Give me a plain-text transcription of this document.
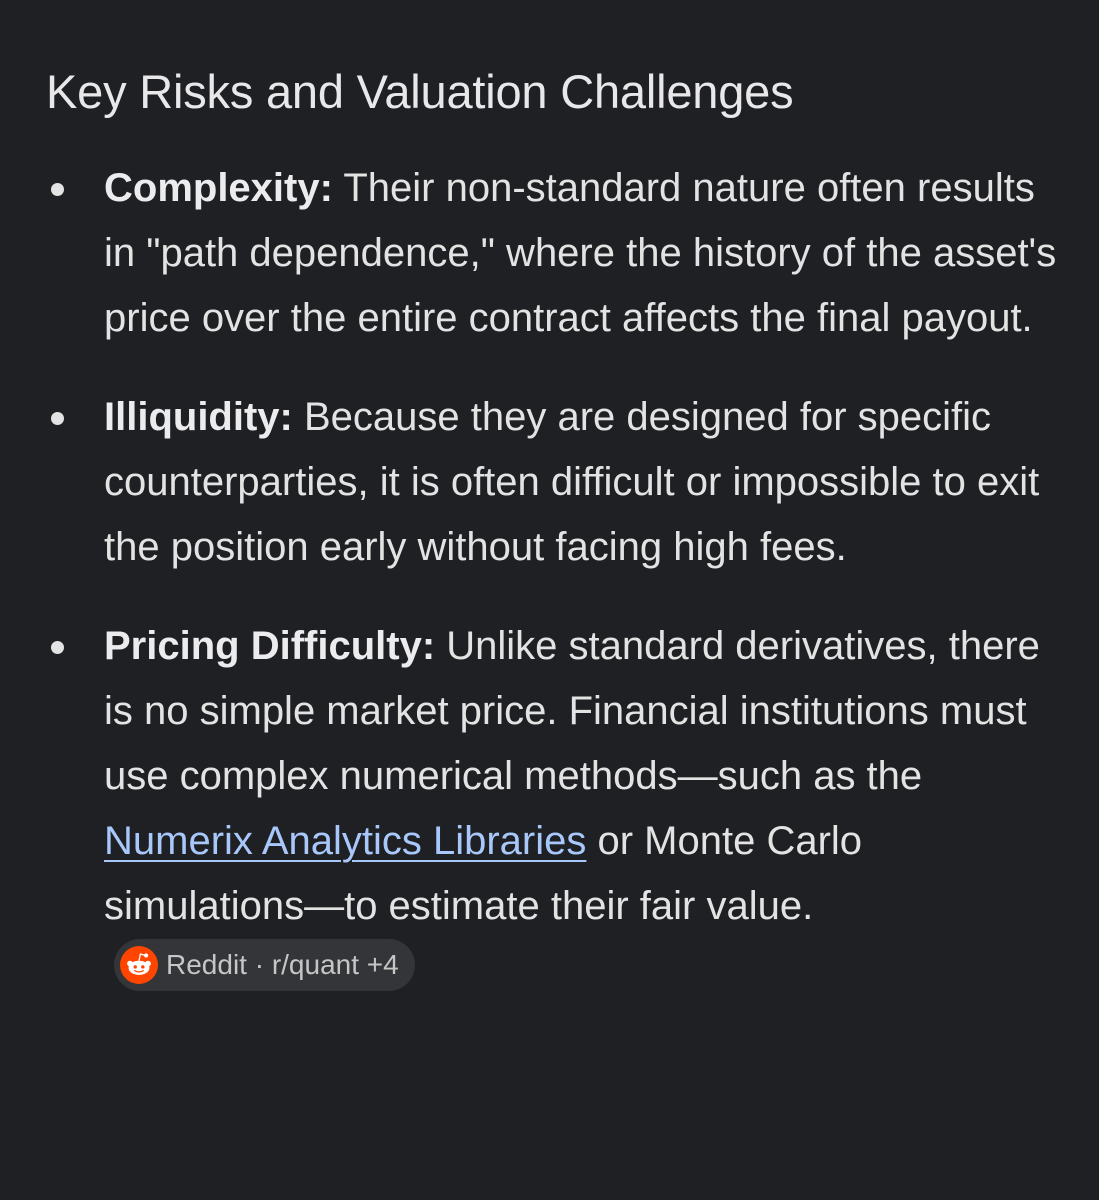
Key Risks and Valuation Challenges
Complexity: Their non-standard nature often results in "path dependence," where the history of the asset's price over the entire contract affects the final payout.
Illiquidity: Because they are designed for specific counterparties, it is often difficult or impossible to exit the position early without facing high fees.
Pricing Difficulty: Unlike standard derivatives, there is no simple market price. Financial institutions must use complex numerical methods—such as the Numerix Analytics Libraries or Monte Carlo simulations—to estimate their fair value.
Reddit · r/quant +4
